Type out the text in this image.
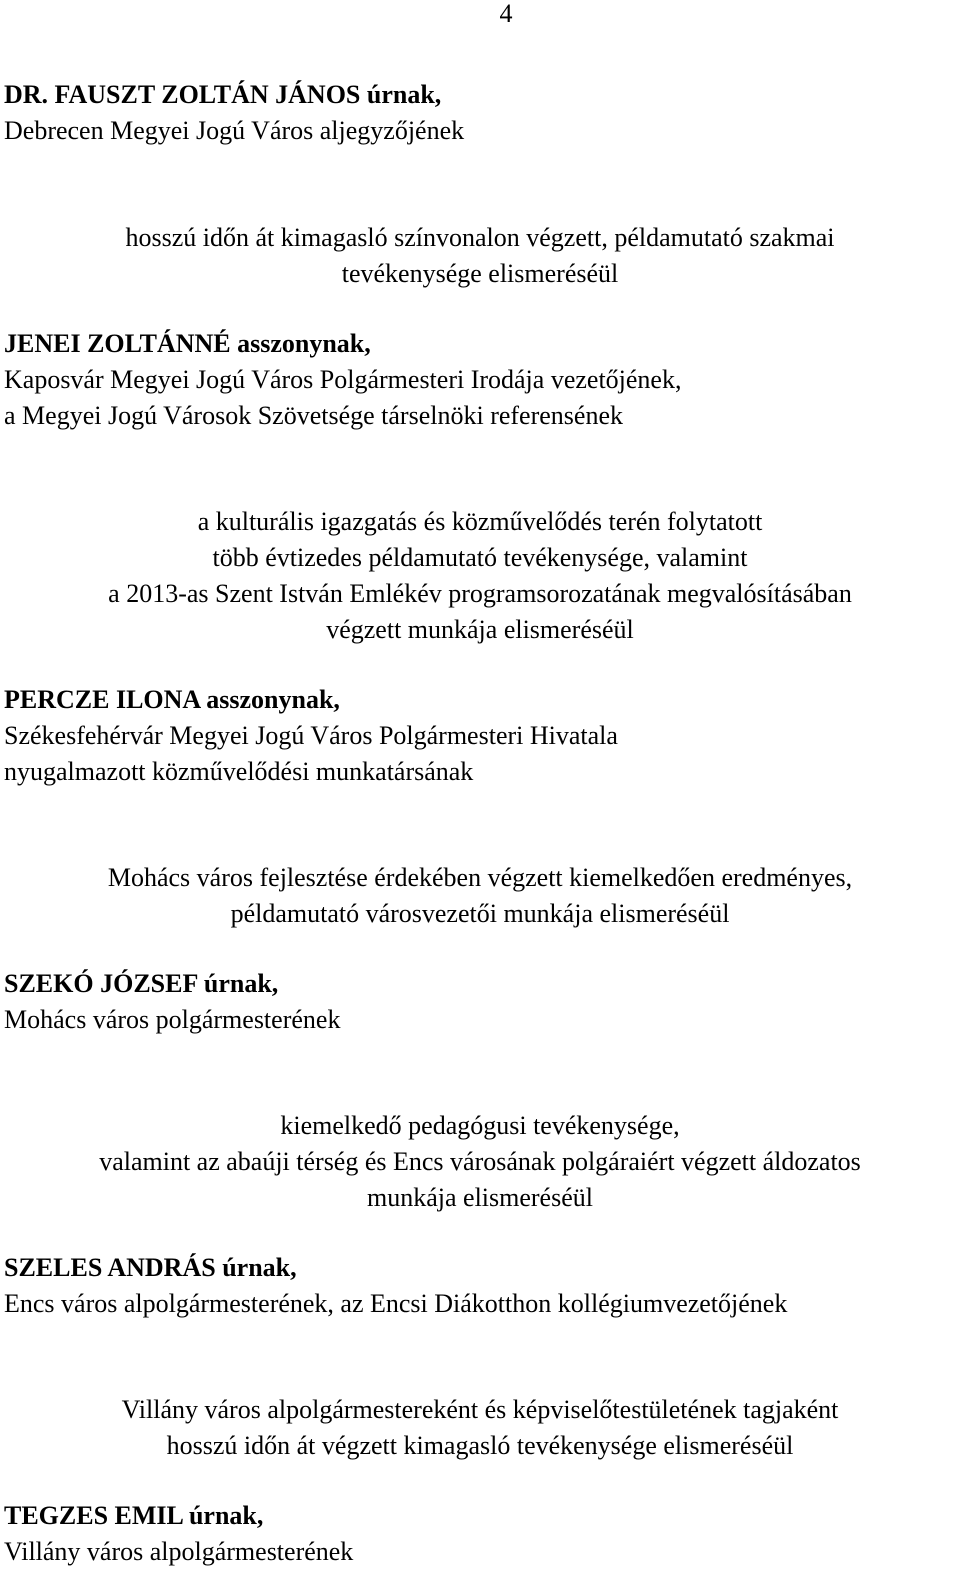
4
DR. FAUSZT ZOLTÁN JÁNOS úrnak,
Debrecen Megyei Jogú Város aljegyzőjének
hosszú időn át kimagasló színvonalon végzett, példamutató szakmai
tevékenysége elismeréséül
JENEI ZOLTÁNNÉ asszonynak,
Kaposvár Megyei Jogú Város Polgármesteri Irodája vezetőjének,
a Megyei Jogú Városok Szövetsége társelnöki referensének
a kulturális igazgatás és közművelődés terén folytatott
több évtizedes példamutató tevékenysége, valamint
a 2013-as Szent István Emlékév programsorozatának megvalósításában
végzett munkája elismeréséül
PERCZE ILONA asszonynak,
Székesfehérvár Megyei Jogú Város Polgármesteri Hivatala
nyugalmazott közművelődési munkatársának
Mohács város fejlesztése érdekében végzett kiemelkedően eredményes,
példamutató városvezetői munkája elismeréséül
SZEKÓ JÓZSEF úrnak,
Mohács város polgármesterének
kiemelkedő pedagógusi tevékenysége,
valamint az abaúji térség és Encs városának polgáraiért végzett áldozatos
munkája elismeréséül
SZELES ANDRÁS úrnak,
Encs város alpolgármesterének, az Encsi Diákotthon kollégiumvezetőjének
Villány város alpolgármestereként és képviselőtestületének tagjaként
hosszú időn át végzett kimagasló tevékenysége elismeréséül
TEGZES EMIL úrnak,
Villány város alpolgármesterének
